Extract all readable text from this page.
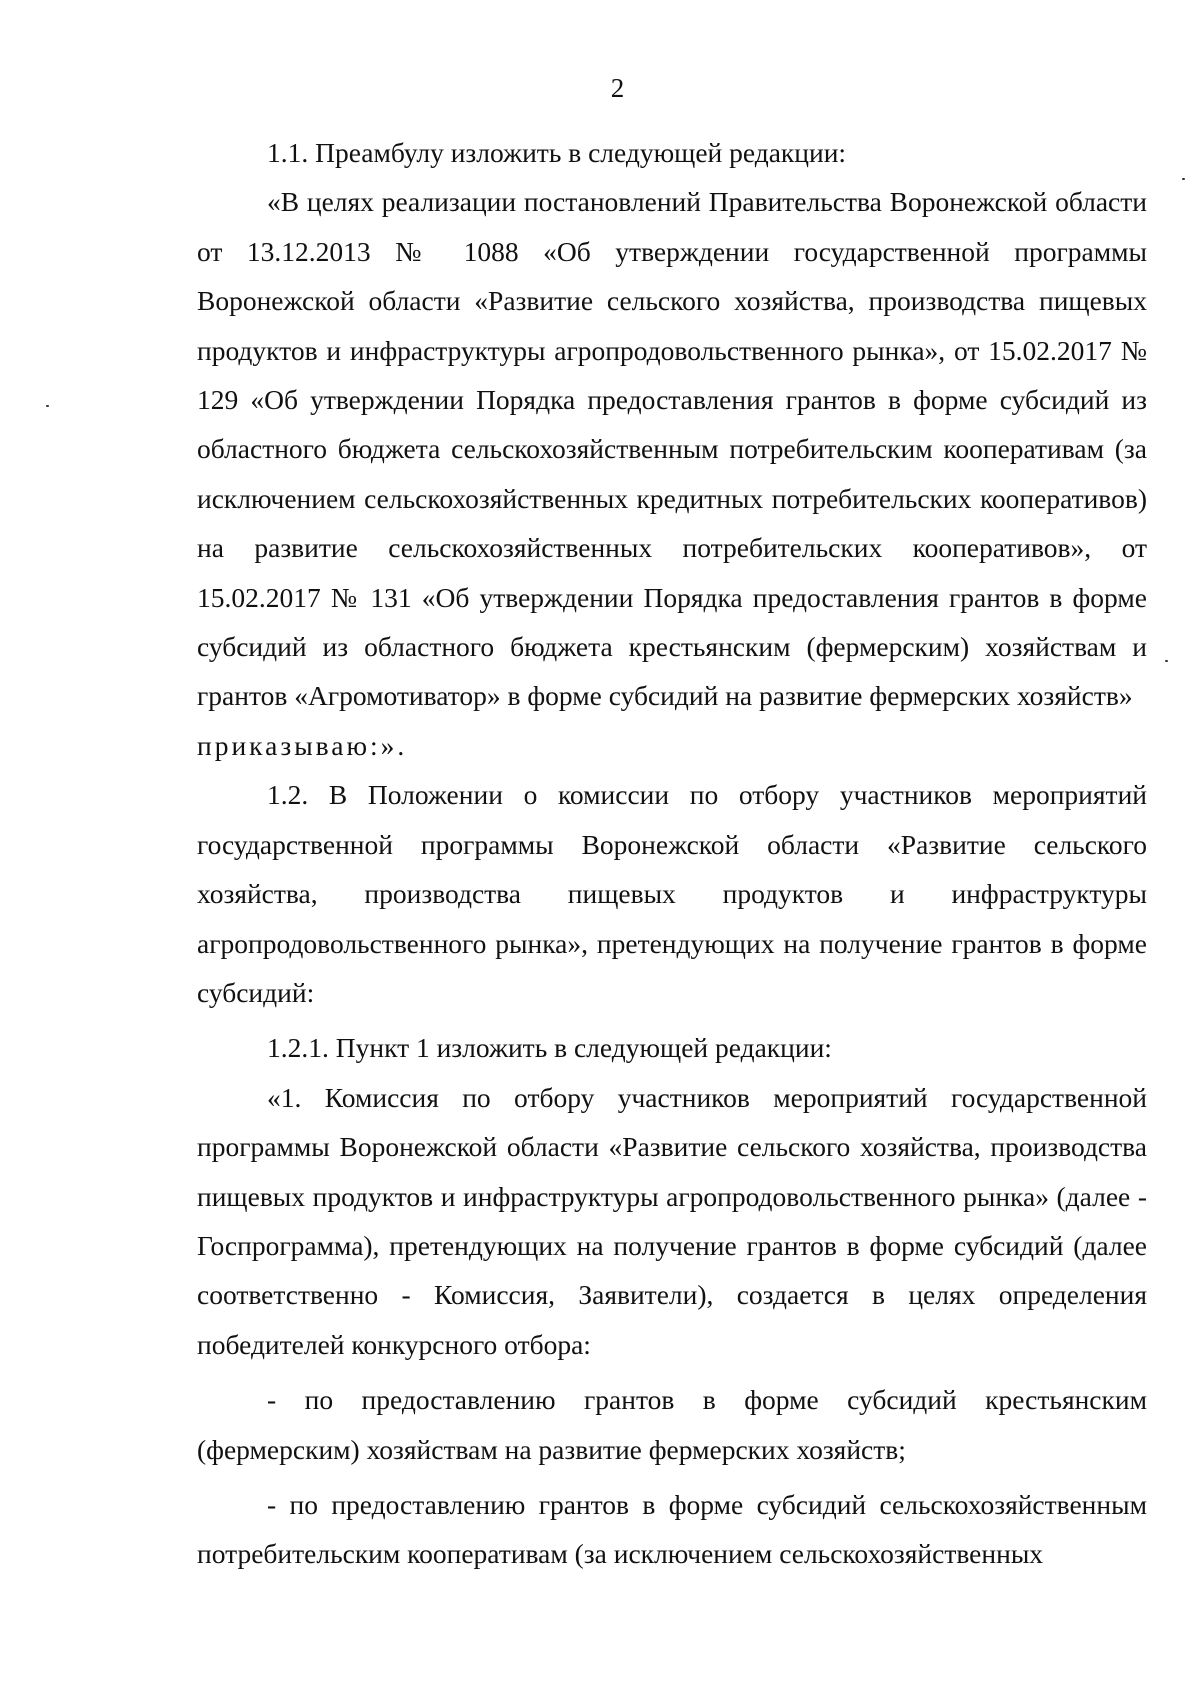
2

1.1. Преамбулу изложить в следующей редакции:

«В целях реализации постановлений Правительства Воронежской области от 13.12.2013 № 1088 «Об утверждении государственной программы Воронежской области «Развитие сельского хозяйства, производства пищевых продуктов и инфраструктуры агропродовольственного рынка», от 15.02.2017 № 129 «Об утверждении Порядка предоставления грантов в форме субсидий из областного бюджета сельскохозяйственным потребительским кооперативам (за исключением сельскохозяйственных кредитных потребительских кооперативов) на развитие сельскохозяйственных потребительских кооперативов», от 15.02.2017 № 131 «Об утверждении Порядка предоставления грантов в форме субсидий из областного бюджета крестьянским (фермерским) хозяйствам и грантов «Агромотиватор» в форме субсидий на развитие фермерских хозяйств»

приказываю:».

1.2. В Положении о комиссии по отбору участников мероприятий государственной программы Воронежской области «Развитие сельского хозяйства, производства пищевых продуктов и инфраструктуры агропродовольственного рынка», претендующих на получение грантов в форме субсидий:

1.2.1. Пункт 1 изложить в следующей редакции:

«1. Комиссия по отбору участников мероприятий государственной программы Воронежской области «Развитие сельского хозяйства, производства пищевых продуктов и инфраструктуры агропродовольственного рынка» (далее - Госпрограмма), претендующих на получение грантов в форме субсидий (далее соответственно - Комиссия, Заявители), создается в целях определения победителей конкурсного отбора:

- по предоставлению грантов в форме субсидий крестьянским (фермерским) хозяйствам на развитие фермерских хозяйств;

- по предоставлению грантов в форме субсидий сельскохозяйственным потребительским кооперативам (за исключением сельскохозяйственных
